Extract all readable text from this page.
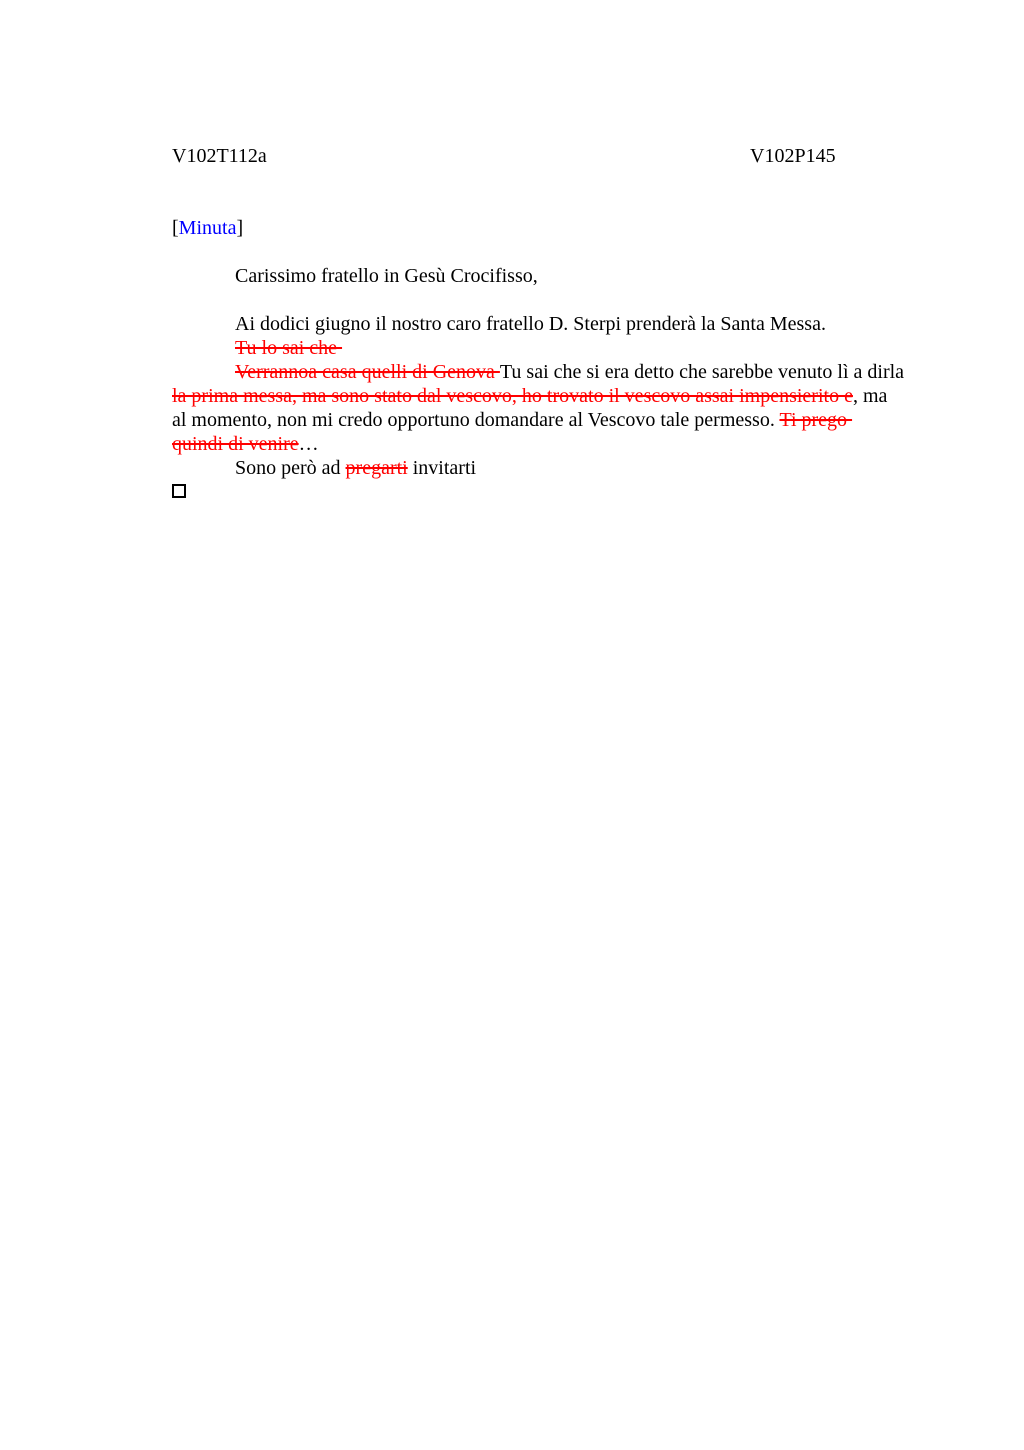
V102T112a	V102P145
[Minuta]
Carissimo fratello in Gesù Crocifisso,
Ai dodici giugno il nostro caro fratello D. Sterpi prenderà la Santa Messa.
Tu lo sai che
Verrannoa casa quelli di Genova Tu sai che si era detto che sarebbe venuto lì a dirla
la prima messa, ma sono stato dal vescovo, ho trovato il vescovo assai impensierito e, ma
al momento, non mi credo opportuno domandare al Vescovo tale permesso. Ti prego
quindi di venire…
Sono però ad pregarti invitarti
